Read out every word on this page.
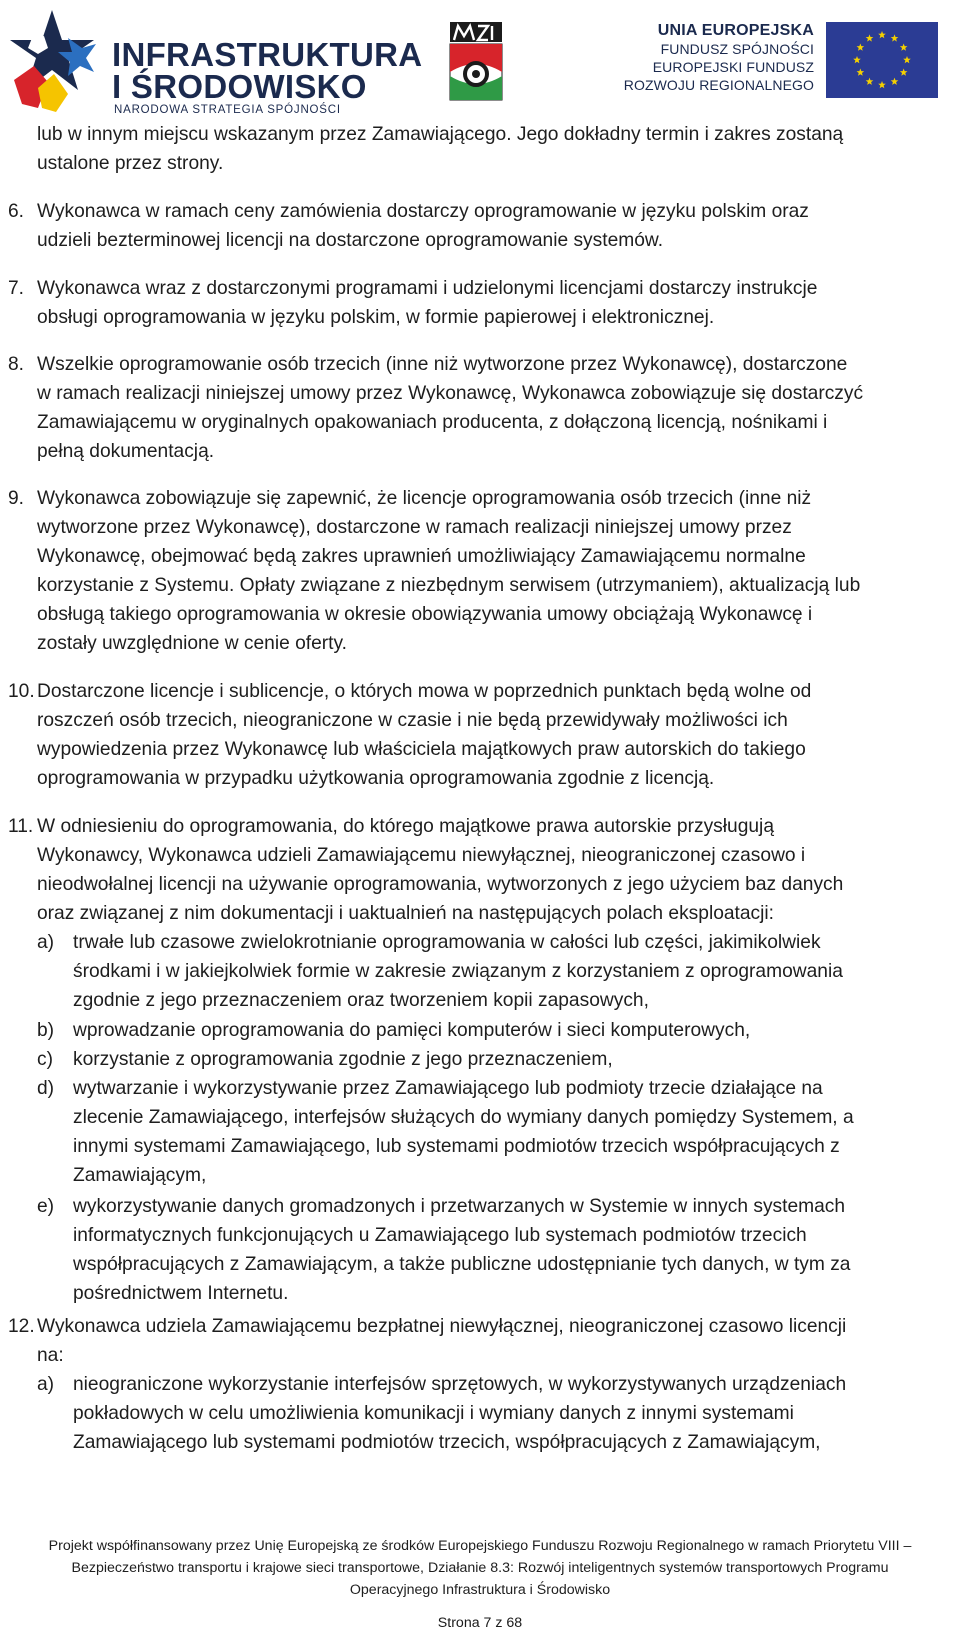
INFRASTRUKTURA
I ŚRODOWISKO
NARODOWA STRATEGIA SPÓJNOŚCI
UNIA EUROPEJSKA
FUNDUSZ SPÓJNOŚCI
EUROPEJSKI FUNDUSZ
ROZWOJU REGIONALNEGO
lub w innym miejscu wskazanym przez Zamawiającego. Jego dokładny termin i zakres zostaną
ustalone przez strony.
6. Wykonawca w ramach ceny zamówienia dostarczy oprogramowanie w języku polskim oraz
udzieli bezterminowej licencji na dostarczone oprogramowanie systemów.
7. Wykonawca wraz z dostarczonymi programami i udzielonymi licencjami dostarczy instrukcje
obsługi oprogramowania w języku polskim, w formie papierowej i elektronicznej.
8. Wszelkie oprogramowanie osób trzecich (inne niż wytworzone przez Wykonawcę), dostarczone
w ramach realizacji niniejszej umowy przez Wykonawcę, Wykonawca zobowiązuje się dostarczyć
Zamawiającemu w oryginalnych opakowaniach producenta, z dołączoną licencją, nośnikami i
pełną dokumentacją.
9. Wykonawca zobowiązuje się zapewnić, że licencje oprogramowania osób trzecich (inne niż
wytworzone przez Wykonawcę), dostarczone w ramach realizacji niniejszej umowy przez
Wykonawcę, obejmować będą zakres uprawnień umożliwiający Zamawiającemu normalne
korzystanie z Systemu. Opłaty związane z niezbędnym serwisem (utrzymaniem), aktualizacją lub
obsługą takiego oprogramowania w okresie obowiązywania umowy obciążają Wykonawcę i
zostały uwzględnione w cenie oferty.
10. Dostarczone licencje i sublicencje, o których mowa w poprzednich punktach będą wolne od
roszczeń osób trzecich, nieograniczone w czasie i nie będą przewidywały możliwości ich
wypowiedzenia przez Wykonawcę lub właściciela majątkowych praw autorskich do takiego
oprogramowania w przypadku użytkowania oprogramowania zgodnie z licencją.
11. W odniesieniu do oprogramowania, do którego majątkowe prawa autorskie przysługują
Wykonawcy, Wykonawca udzieli Zamawiającemu niewyłącznej, nieograniczonej czasowo i
nieodwołalnej licencji na używanie oprogramowania, wytworzonych z jego użyciem baz danych
oraz związanej z nim dokumentacji i uaktualnień na następujących polach eksploatacji:
a) trwałe lub czasowe zwielokrotnianie oprogramowania w całości lub części, jakimikolwiek
środkami i w jakiejkolwiek formie w zakresie związanym z korzystaniem z oprogramowania
zgodnie z jego przeznaczeniem oraz tworzeniem kopii zapasowych,
b) wprowadzanie oprogramowania do pamięci komputerów i sieci komputerowych,
c) korzystanie z oprogramowania zgodnie z jego przeznaczeniem,
d) wytwarzanie i wykorzystywanie przez Zamawiającego lub podmioty trzecie działające na
zlecenie Zamawiającego, interfejsów służących do wymiany danych pomiędzy Systemem, a
innymi systemami Zamawiającego, lub systemami podmiotów trzecich współpracujących z
Zamawiającym,
e) wykorzystywanie danych gromadzonych i przetwarzanych w Systemie w innych systemach
informatycznych funkcjonujących u Zamawiającego lub systemach podmiotów trzecich
współpracujących z Zamawiającym, a także publiczne udostępnianie tych danych, w tym za
pośrednictwem Internetu.
12. Wykonawca udziela Zamawiającemu bezpłatnej niewyłącznej, nieograniczonej czasowo licencji
na:
a) nieograniczone wykorzystanie interfejsów sprzętowych, w wykorzystywanych urządzeniach
pokładowych w celu umożliwienia komunikacji i wymiany danych z innymi systemami
Zamawiającego lub systemami podmiotów trzecich, współpracujących z Zamawiającym,
Projekt współfinansowany przez Unię Europejską ze środków Europejskiego Funduszu Rozwoju Regionalnego w ramach Priorytetu VIII –
Bezpieczeństwo transportu i krajowe sieci transportowe, Działanie 8.3: Rozwój inteligentnych systemów transportowych Programu
Operacyjnego Infrastruktura i Środowisko
Strona 7 z 68
